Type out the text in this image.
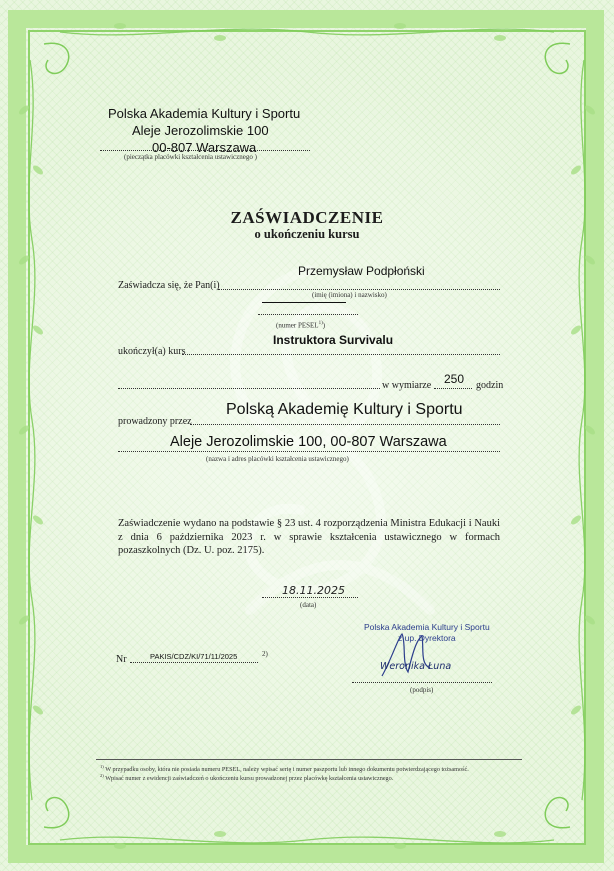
Polska Akademia Kultury i Sportu
Aleje Jerozolimskie 100
00-807 Warszawa
(pieczątka placówki kształcenia ustawicznego )
ZAŚWIADCZENIE
o ukończeniu kursu
Zaświadcza się, że Pan(i)
Przemysław Podpłoński
(imię (imiona) i nazwisko)
(numer PESEL$^{1)}$)
ukończył(a) kurs
Instruktora Survivalu
w wymiarze 250 godzin
prowadzony przez
Polską Akademię Kultury i Sportu
Aleje Jerozolimskie 100, 00-807 Warszawa
(nazwa i adres placówki kształcenia ustawicznego)
Zaświadczenie wydano na podstawie § 23 ust. 4 rozporządzenia Ministra Edukacji i Nauki z dnia 6 października 2023 r. w sprawie kształcenia ustawicznego w formach pozaszkolnych (Dz. U. poz. 2175).
18.11.2025
(data)
Polska Akademia Kultury i Sportu
z up. Dyrektora
Weronika Łuna
(podpis)
Nr	PAKIS/CDZ/KI/71/11/2025	2)
$^{1)}$ W przypadku osoby, która nie posiada numeru PESEL, należy wpisać serię i numer paszportu lub innego dokumentu potwierdzającego tożsamość.
$^{2)}$ Wpisać numer z ewidencji zaświadczeń o ukończeniu kursu prowadzonej przez placówkę kształcenia ustawicznego.
